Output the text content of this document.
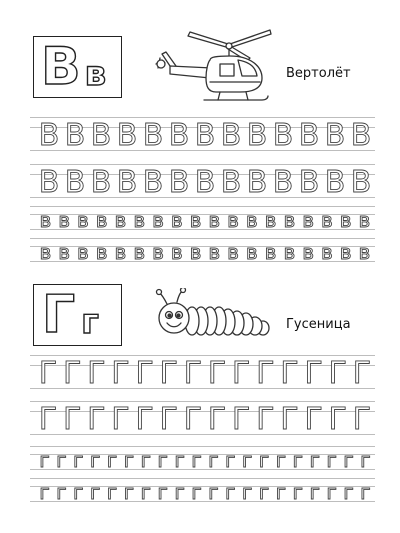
В в	Вертолёт
В В В В В В В В В В В В В
В В В В В В В В В В В В В
в в в в в в в в в в в в в в в в в в
в в в в в в в в в в в в в в в в в в
Г г	Гусеница
Г Г Г Г Г Г Г Г Г Г Г Г Г Г
Г Г Г Г Г Г Г Г Г Г Г Г Г Г
г г г г г г г г г г г г г г г г г г г г
г г г г г г г г г г г г г г г г г г г г
